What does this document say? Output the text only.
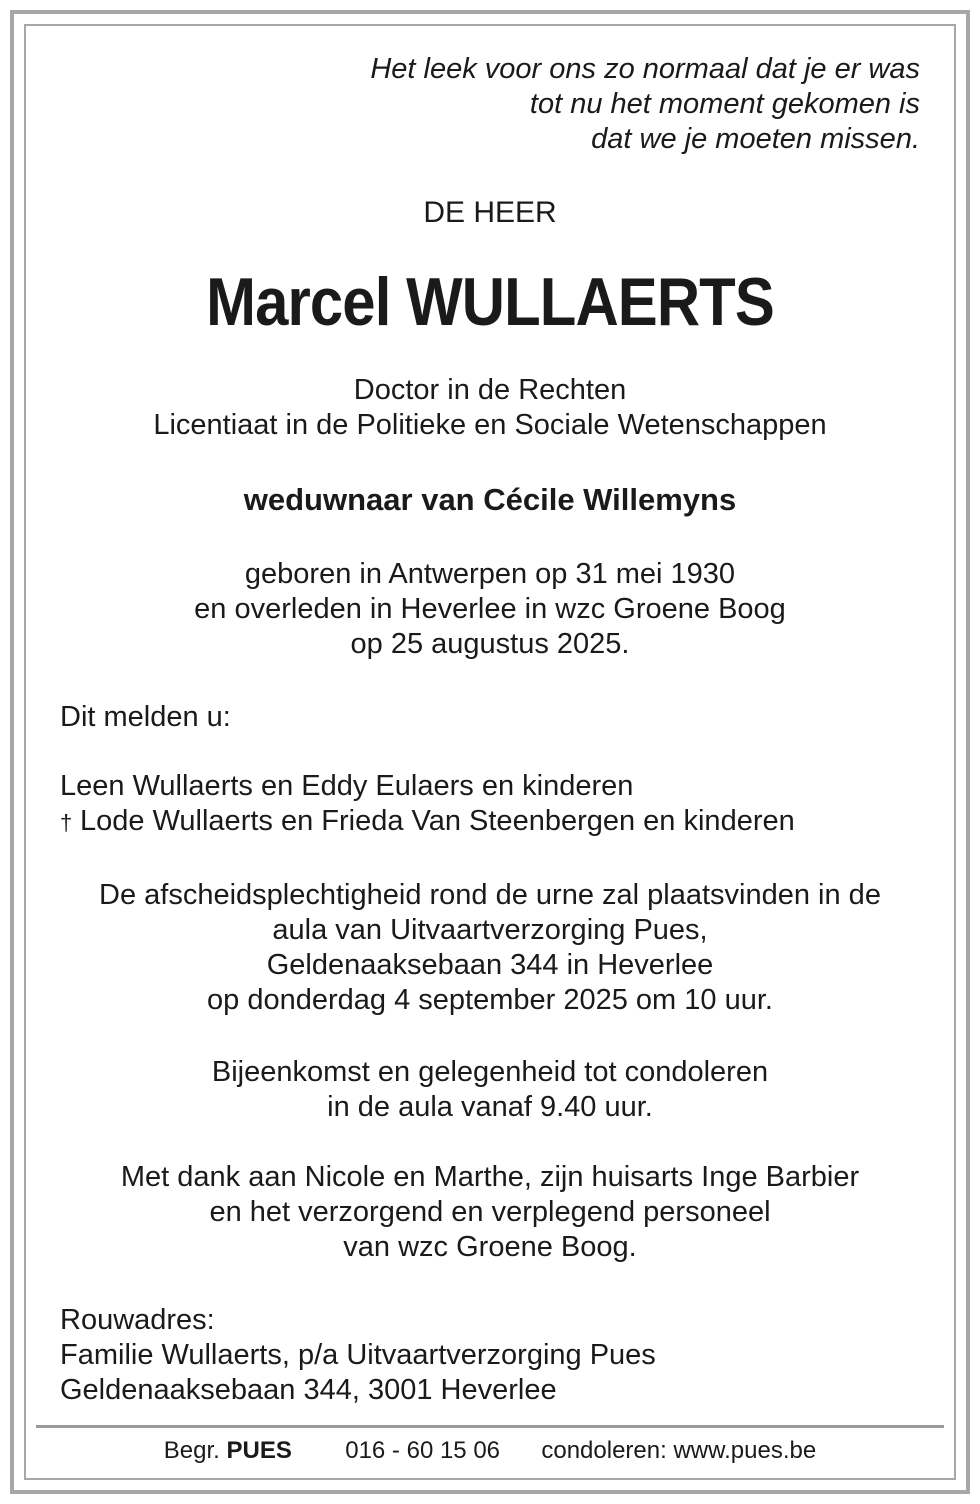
Het leek voor ons zo normaal dat je er was
tot nu het moment gekomen is
dat we je moeten missen.
DE HEER
Marcel WULLAERTS
Doctor in de Rechten
Licentiaat in de Politieke en Sociale Wetenschappen
weduwnaar van Cécile Willemyns
geboren in Antwerpen op 31 mei 1930
en overleden in Heverlee in wzc Groene Boog
op 25 augustus 2025.
Dit melden u:
Leen Wullaerts en Eddy Eulaers en kinderen
† Lode Wullaerts en Frieda Van Steenbergen en kinderen
De afscheidsplechtigheid rond de urne zal plaatsvinden in de
aula van Uitvaartverzorging Pues,
Geldenaaksebaan 344 in Heverlee
op donderdag 4 september 2025 om 10 uur.
Bijeenkomst en gelegenheid tot condoleren
in de aula vanaf 9.40 uur.
Met dank aan Nicole en Marthe, zijn huisarts Inge Barbier
en het verzorgend en verplegend personeel
van wzc Groene Boog.
Rouwadres:
Familie Wullaerts, p/a Uitvaartverzorging Pues
Geldenaaksebaan 344, 3001 Heverlee
Begr. PUES 016 - 60 15 06 condoleren: www.pues.be
